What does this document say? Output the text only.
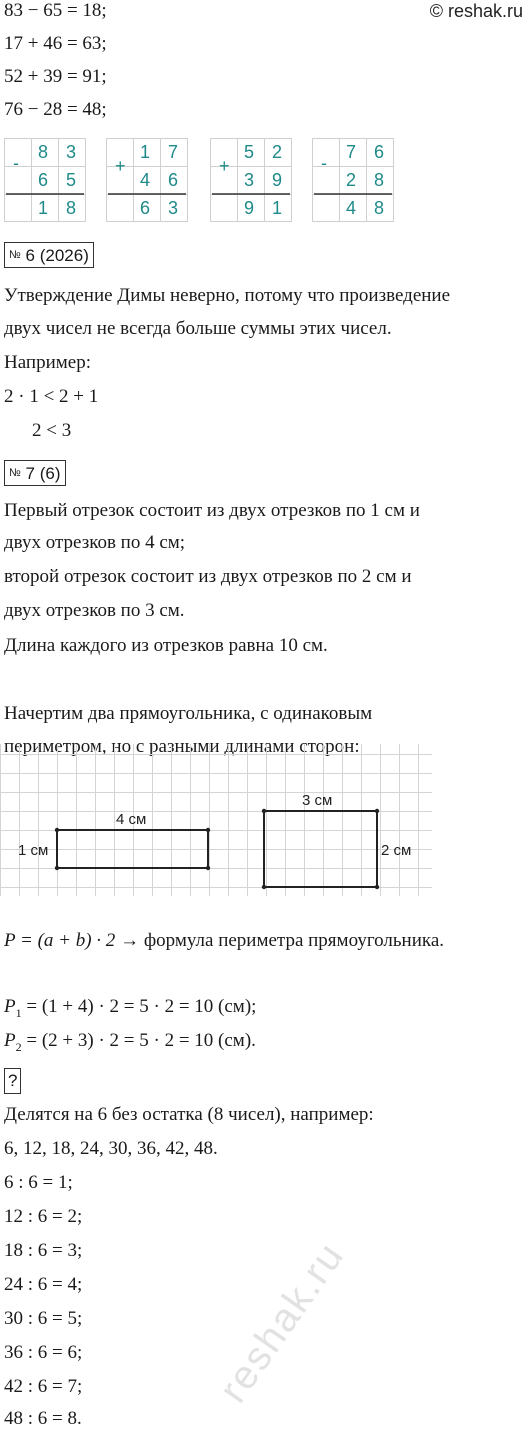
© reshak.ru
83 − 65 = 18;
17 + 46 = 63;
52 + 39 = 91;
76 − 28 = 48;
-
8 3
6 5
1 8
+
1 7
4 6
6 3
+
5 2
3 9
9 1
-
7 6
2 8
4 8
№ 6 (2026)
Утверждение Димы неверно, потому что произведение
двух чисел не всегда больше суммы этих чисел.
Например:
2 · 1 < 2 + 1
2 < 3
№ 7 (6)
Первый отрезок состоит из двух отрезков по 1 см и
двух отрезков по 4 см;
второй отрезок состоит из двух отрезков по 2 см и
двух отрезков по 3 см.
Длина каждого из отрезков равна 10 см.
Начертим два прямоугольника, с одинаковым
периметром, но с разными длинами сторон:
4 см
1 см
3 см
2 см
P = (a + b) · 2 → формула периметра прямоугольника.
$P_1 = (1 + 4) \cdot 2 = 5 \cdot 2 = 10$ (см);
$P_2 = (2 + 3) \cdot 2 = 5 \cdot 2 = 10$ (см).
?
Делятся на 6 без остатка (8 чисел), например:
6, 12, 18, 24, 30, 36, 42, 48.
6 : 6 = 1;
12 : 6 = 2;
18 : 6 = 3;
24 : 6 = 4;
30 : 6 = 5;
36 : 6 = 6;
42 : 6 = 7;
48 : 6 = 8.
reshak.ru
